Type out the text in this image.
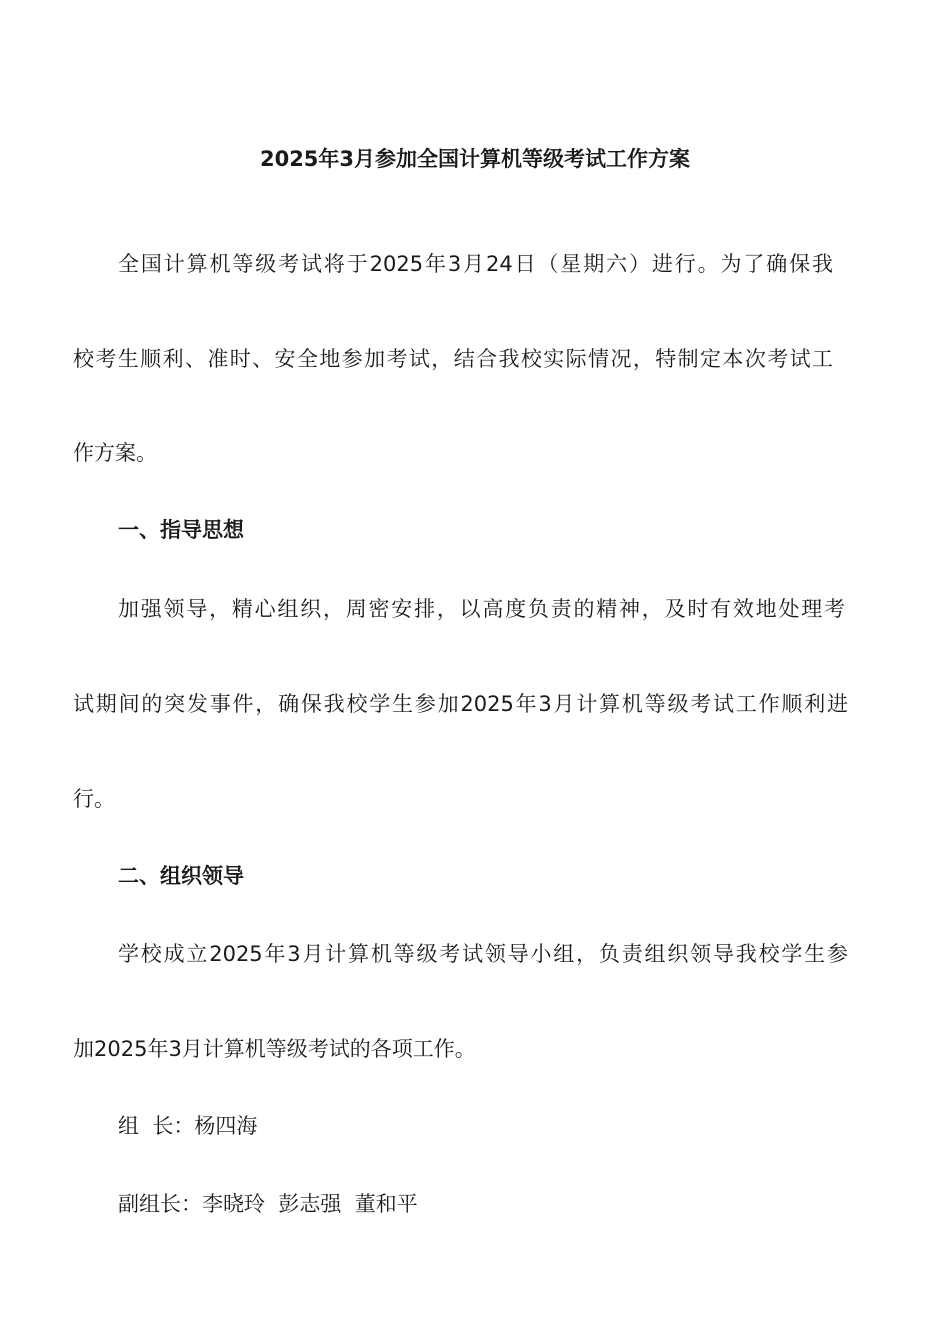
2025年3月参加全国计算机等级考试工作方案
全国计算机等级考试将于2025年3月24日（星期六）进行。为了确保我
校考生顺利、准时、安全地参加考试，结合我校实际情况，特制定本次考试工
作方案。
一、指导思想
加强领导，精心组织，周密安排，以高度负责的精神，及时有效地处理考
试期间的突发事件，确保我校学生参加2025年3月计算机等级考试工作顺利进
行。
二、组织领导
学校成立2025年3月计算机等级考试领导小组，负责组织领导我校学生参
加2025年3月计算机等级考试的各项工作。
组  长：杨四海
副组长：李晓玲  彭志强  董和平
